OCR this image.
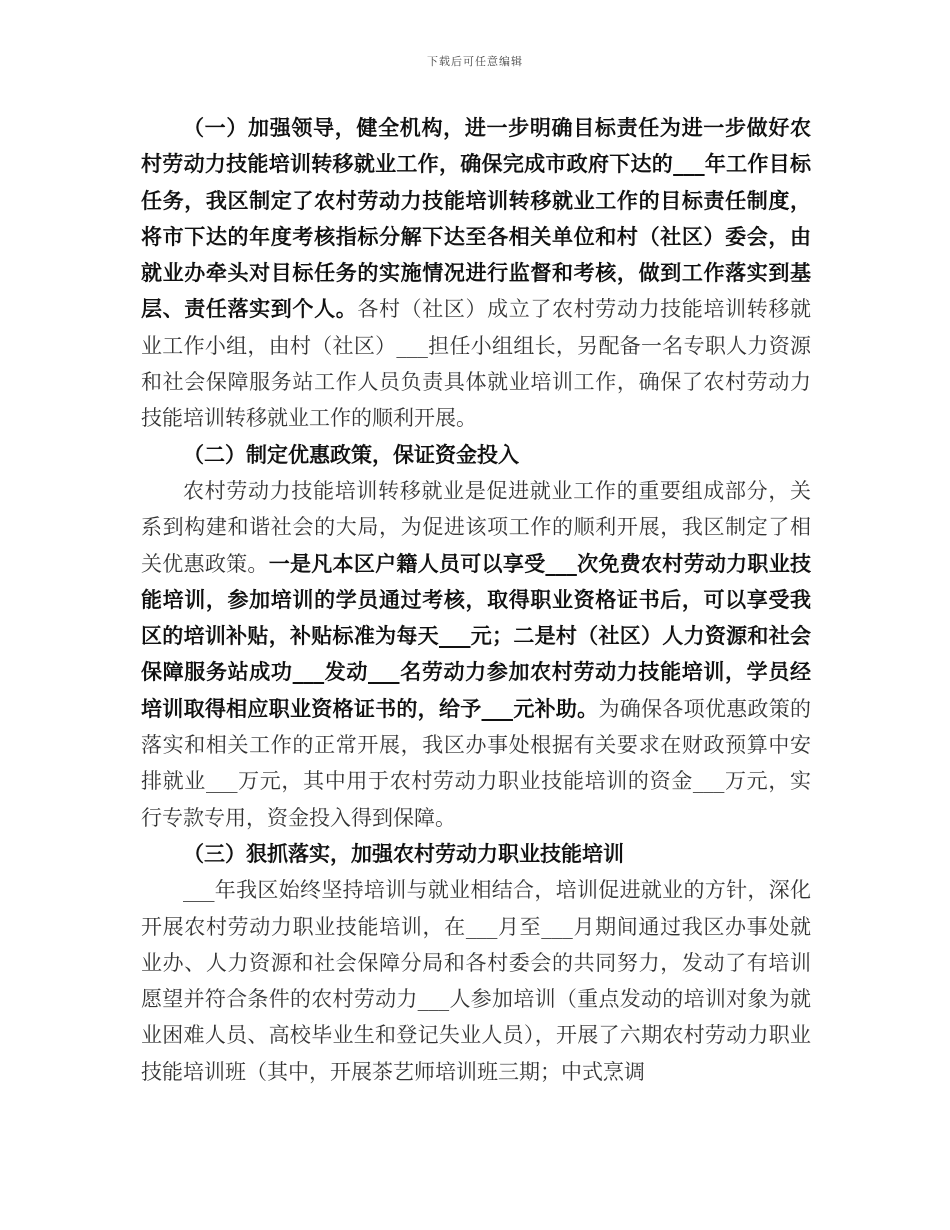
下载后可任意编辑

（一）加强领导，健全机构，进一步明确目标责任为进一步做好农村劳动力技能培训转移就业工作，确保完成市政府下达的___年工作目标任务，我区制定了农村劳动力技能培训转移就业工作的目标责任制度，将市下达的年度考核指标分解下达至各相关单位和村（社区）委会，由就业办牵头对目标任务的实施情况进行监督和考核，做到工作落实到基层、责任落实到个人。各村（社区）成立了农村劳动力技能培训转移就业工作小组，由村（社区）___担任小组组长，另配备一名专职人力资源和社会保障服务站工作人员负责具体就业培训工作，确保了农村劳动力技能培训转移就业工作的顺利开展。

（二）制定优惠政策，保证资金投入

农村劳动力技能培训转移就业是促进就业工作的重要组成部分，关系到构建和谐社会的大局，为促进该项工作的顺利开展，我区制定了相关优惠政策。一是凡本区户籍人员可以享受___次免费农村劳动力职业技能培训，参加培训的学员通过考核，取得职业资格证书后，可以享受我区的培训补贴，补贴标准为每天___元；二是村（社区）人力资源和社会保障服务站成功___发动___名劳动力参加农村劳动力技能培训，学员经培训取得相应职业资格证书的，给予___元补助。为确保各项优惠政策的落实和相关工作的正常开展，我区办事处根据有关要求在财政预算中安排就业___万元，其中用于农村劳动力职业技能培训的资金___万元，实行专款专用，资金投入得到保障。

（三）狠抓落实，加强农村劳动力职业技能培训

___年我区始终坚持培训与就业相结合，培训促进就业的方针，深化开展农村劳动力职业技能培训，在___月至___月期间通过我区办事处就业办、人力资源和社会保障分局和各村委会的共同努力，发动了有培训愿望并符合条件的农村劳动力___人参加培训（重点发动的培训对象为就业困难人员、高校毕业生和登记失业人员），开展了六期农村劳动力职业技能培训班（其中，开展茶艺师培训班三期；中式烹调
